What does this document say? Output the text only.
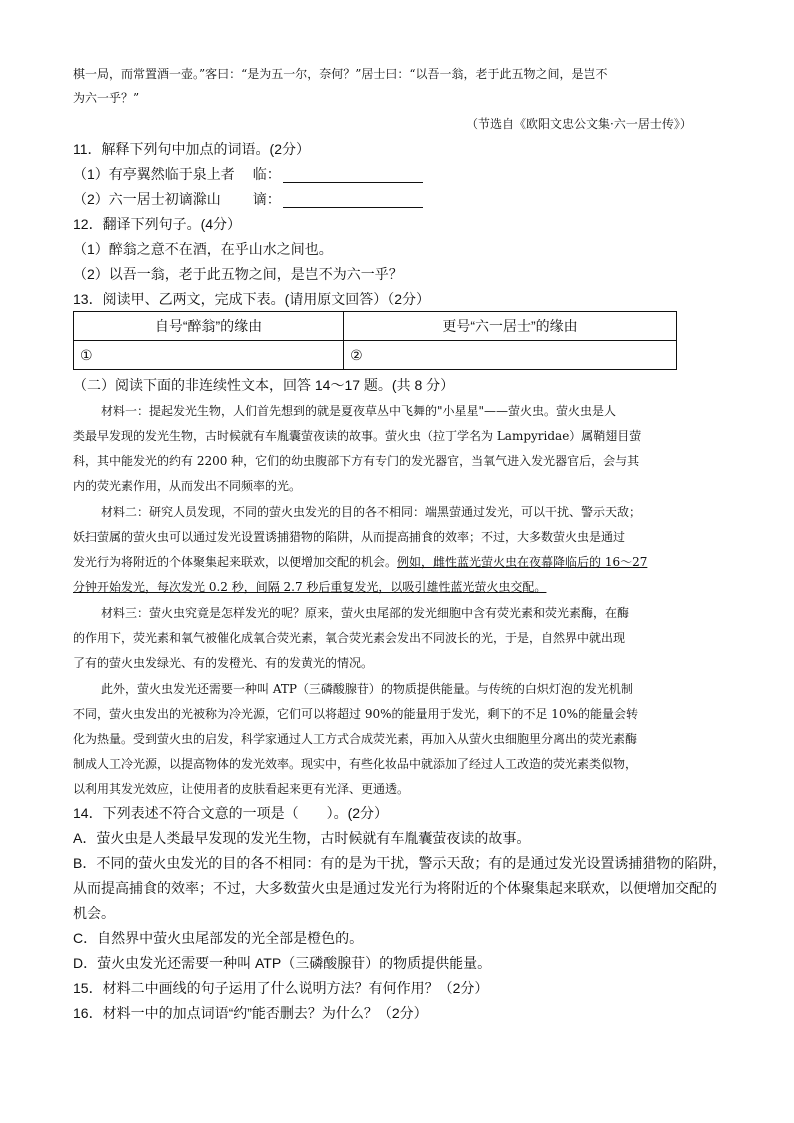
棋一局，而常置酒一壶。”客曰：“是为五一尔，奈何？”居士曰：“以吾一翁，老于此五物之间，是岂不
为六一乎？”
（节选自《欧阳文忠公文集·六一居士传》）
11．解释下列句中加点的词语。(2分）
（1）有亭翼然临于泉上者 临：
（2）六一居士初谪滁山 谪：
12．翻译下列句子。(4分）
（1）醉翁之意不在酒，在乎山水之间也。
（2）以吾一翁，老于此五物之间，是岂不为六一乎？
13．阅读甲、乙两文，完成下表。(请用原文回答）（2分）
自号“醉翁”的缘由	更号“六一居士”的缘由
①	②
（二）阅读下面的非连续性文本，回答 14～17 题。(共 8 分）
材料一：提起发光生物，人们首先想到的就是夏夜草丛中飞舞的"小星星"——萤火虫。萤火虫是人
类最早发现的发光生物，古时候就有车胤囊萤夜读的故事。萤火虫（拉丁学名为 Lampyridae）属鞘翅目萤
科，其中能发光的约有 2200 种，它们的幼虫腹部下方有专门的发光器官，当氧气进入发光器官后，会与其
内的荧光素作用，从而发出不同频率的光。
材料二：研究人员发现，不同的萤火虫发光的目的各不相同：端黑萤通过发光，可以干扰、警示天敌；
妖扫萤属的萤火虫可以通过发光设置诱捕猎物的陷阱，从而提高捕食的效率；不过，大多数萤火虫是通过
发光行为将附近的个体聚集起来联欢，以便增加交配的机会。例如，雌性蓝光萤火虫在夜幕降临后的 16～27
分钟开始发光，每次发光 0.2 秒，间隔 2.7 秒后重复发光，以吸引雄性蓝光萤火虫交配。
材料三：萤火虫究竟是怎样发光的呢？原来，萤火虫尾部的发光细胞中含有荧光素和荧光素酶，在酶
的作用下，荧光素和氧气被催化成氧合荧光素，氧合荧光素会发出不同波长的光，于是，自然界中就出现
了有的萤火虫发绿光、有的发橙光、有的发黄光的情况。
此外，萤火虫发光还需要一种叫 ATP（三磷酸腺苷）的物质提供能量。与传统的白炽灯泡的发光机制
不同，萤火虫发出的光被称为冷光源，它们可以将超过 90%的能量用于发光，剩下的不足 10%的能量会转
化为热量。受到萤火虫的启发，科学家通过人工方式合成荧光素，再加入从萤火虫细胞里分离出的荧光素酶
制成人工冷光源，以提高物体的发光效率。现实中，有些化妆品中就添加了经过人工改造的荧光素类似物，
以利用其发光效应，让使用者的皮肤看起来更有光泽、更通透。
14．下列表述不符合文意的一项是（　　）。(2分）
A．萤火虫是人类最早发现的发光生物，古时候就有车胤囊萤夜读的故事。
B．不同的萤火虫发光的目的各不相同：有的是为干扰，警示天敌；有的是通过发光设置诱捕猎物的陷阱，
从而提高捕食的效率；不过，大多数萤火虫是通过发光行为将附近的个体聚集起来联欢，以便增加交配的
机会。
C．自然界中萤火虫尾部发的光全部是橙色的。
D．萤火虫发光还需要一种叫 ATP（三磷酸腺苷）的物质提供能量。
15．材料二中画线的句子运用了什么说明方法？有何作用？（2分）
16．材料一中的加点词语“约”能否删去？为什么？（2分）
